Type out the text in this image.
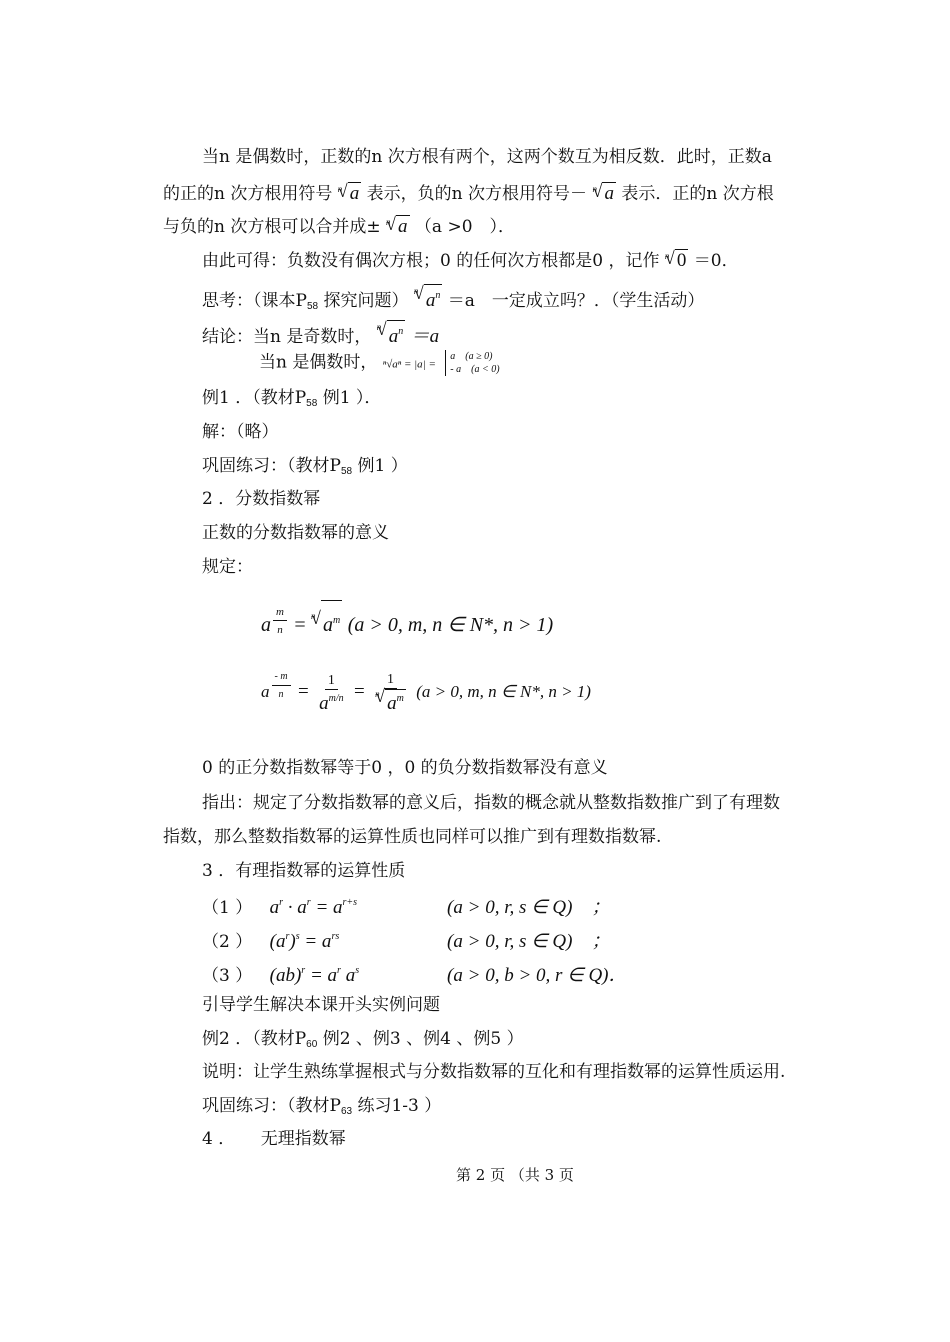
当n 是偶数时，正数的n 次方根有两个，这两个数互为相反数．此时，正数a
的正的n 次方根用符号 n
√ a 表示，负的n 次方根用符号－ n
√ a 表示．正的n 次方根
与负的n 次方根可以合并成± n
√ a （a >0　）．
由此可得：负数没有偶次方根；0 的任何次方根都是0 ，记作 n
√ 0 ＝0．
思考：（课本$P_{58}$ 探究问题） n
√ $a^n =a$　一定成立吗？．（学生活动）
结论：当n 是奇数时， n
√ $a^n =a$
当n 是偶数时， ⁿ√aⁿ = |a| = a　(a ≥ 0)
- a　(a < 0)
例1 ．（教材$P_{58}$ 例1 ）．
解：（略）
巩固练习：（教材$P_{58}$ 例1 ）
2 ．分数指数幂
正数的分数指数幂的意义
规定：
a $\frac{m}{n} = n$
√ $a^m$ (a > 0, m, n ∈ N*, n > 1)
a $\frac{- m}{n} = \frac{1}{a^{m/n}} = 1$
n
√ $a^m$ (a > 0, m, n ∈ N*, n > 1)
0 的正分数指数幂等于0 ，0 的负分数指数幂没有意义
指出：规定了分数指数幂的意义后，指数的概念就从整数指数推广到了有理数
指数，那么整数指数幂的运算性质也同样可以推广到有理数指数幂.
3 ．有理指数幂的运算性质
（1 ） $a^r \cdot a^r = a^{r+s}$	(a > 0, r, s ∈ Q)　；
（2 ） $(a^r)^s = a^{rs}$	(a > 0, r, s ∈ Q)　；
（3 ） $(ab)^r = a^r$ $a^s$	(a > 0, b > 0, r ∈ Q)．
引导学生解决本课开头实例问题
例2 ．（教材$P_{60}$ 例2 、例3 、例4 、例5 ）
说明：让学生熟练掌握根式与分数指数幂的互化和有理指数幂的运算性质运用.
巩固练习：（教材$P_{63}$ 练习1-3 ）
4 ．　　无理指数幂
第 2 页 （共 3 页
